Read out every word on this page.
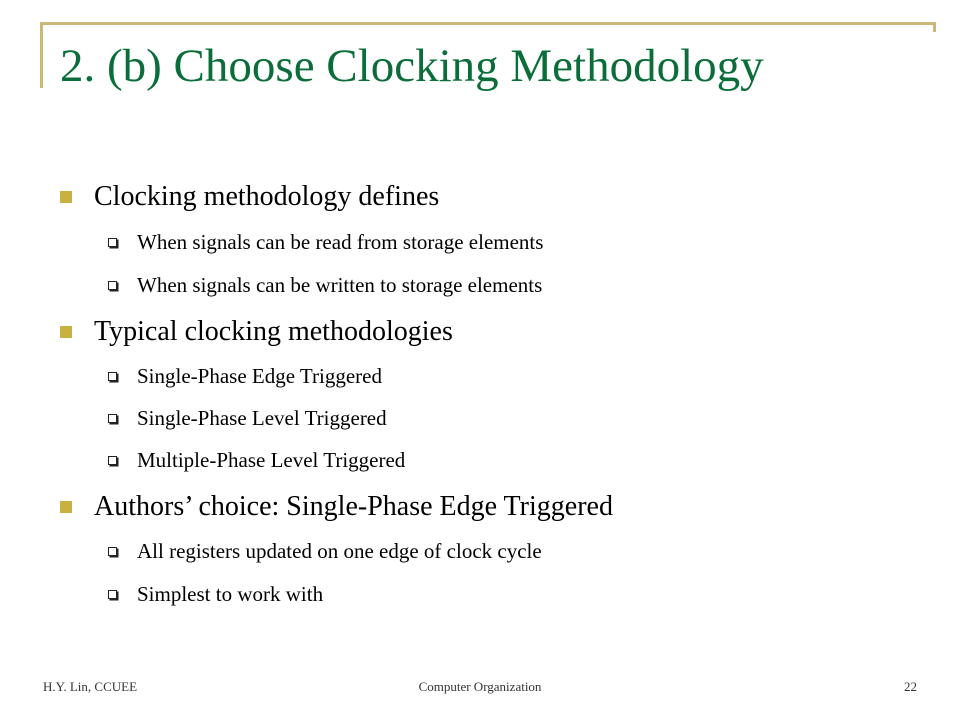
2. (b) Choose Clocking Methodology
Clocking methodology defines
When signals can be read from storage elements
When signals can be written to storage elements
Typical clocking methodologies
Single-Phase Edge Triggered
Single-Phase Level Triggered
Multiple-Phase Level Triggered
Authors’ choice: Single-Phase Edge Triggered
All registers updated on one edge of clock cycle
Simplest to work with
H.Y. Lin, CCUEE	Computer Organization	22
